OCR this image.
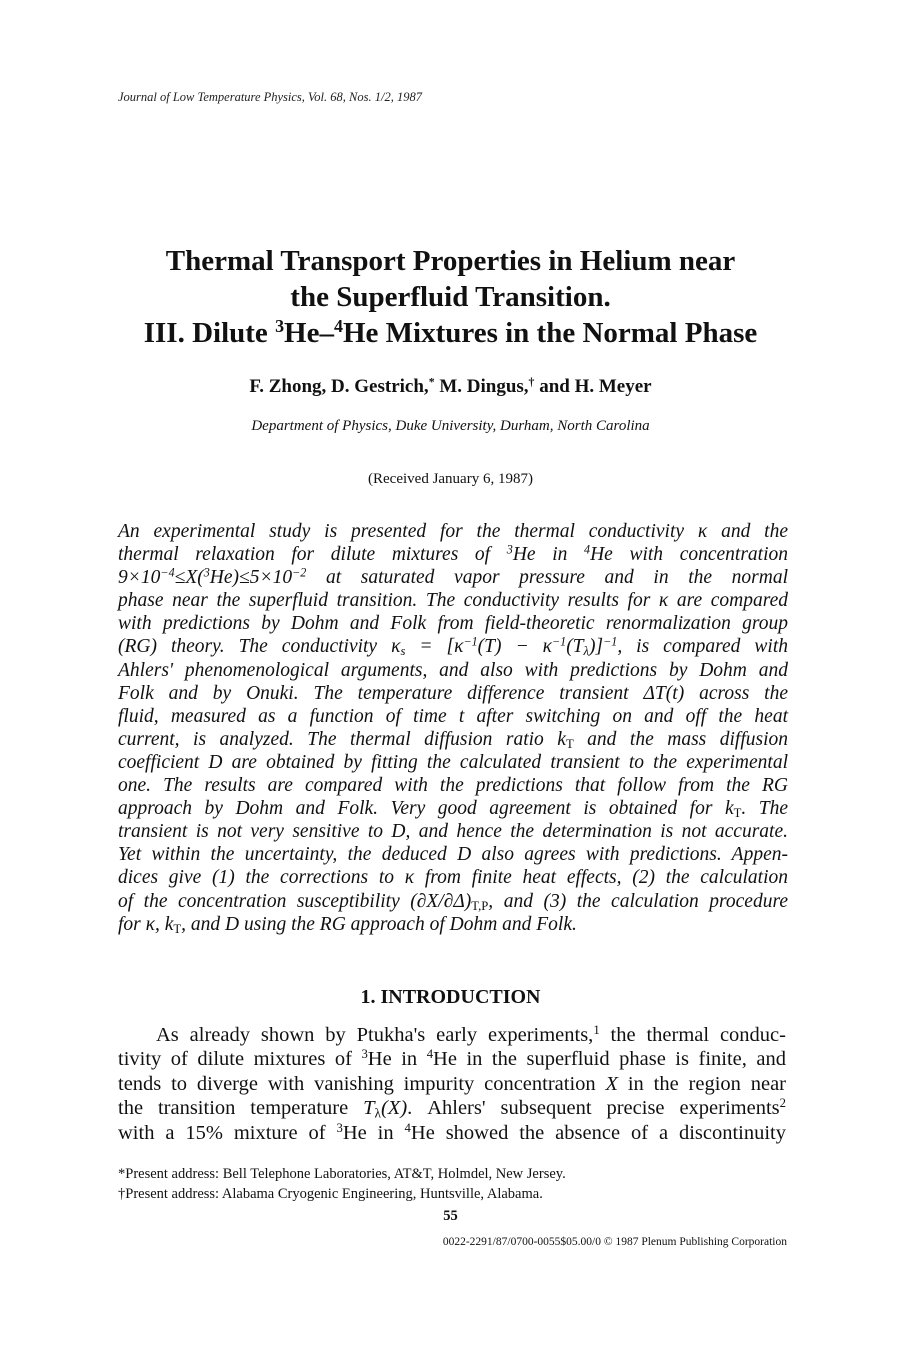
Journal of Low Temperature Physics, Vol. 68, Nos. 1/2, 1987
Thermal Transport Properties in Helium near
the Superfluid Transition.
III. Dilute $^3$He–$^4$He Mixtures in the Normal Phase
F. Zhong, D. Gestrich,* M. Dingus,† and H. Meyer
Department of Physics, Duke University, Durham, North Carolina
(Received January 6, 1987)
An experimental study is presented for the thermal conductivity κ and the
thermal relaxation for dilute mixtures of $^3$He in $^4$He with concentration
$9\times 10^{-4}\le X(^3He)\le 5\times 10^{-2}$ at saturated vapor pressure and in the normal
phase near the superfluid transition. The conductivity results for κ are compared
with predictions by Dohm and Folk from field-theoretic renormalization group
(RG) theory. The conductivity $\kappa_s = [\kappa^{-1}(T) - \kappa^{-1}(T_\lambda)]^{-1}$, is compared with
Ahlers' phenomenological arguments, and also with predictions by Dohm and
Folk and by Onuki. The temperature difference transient ΔT(t) across the
fluid, measured as a function of time t after switching on and off the heat
current, is analyzed. The thermal diffusion ratio $k_T$ and the mass diffusion
coefficient D are obtained by fitting the calculated transient to the experimental
one. The results are compared with the predictions that follow from the RG
approach by Dohm and Folk. Very good agreement is obtained for $k_T$. The
transient is not very sensitive to D, and hence the determination is not accurate.
Yet within the uncertainty, the deduced D also agrees with predictions. Appen-
dices give (1) the corrections to κ from finite heat effects, (2) the calculation
of the concentration susceptibility $(\partial X/\partial\Delta)_{T,P}$, and (3) the calculation procedure
for κ, $k_T$, and D using the RG approach of Dohm and Folk.
1. INTRODUCTION
As already shown by Ptukha's early experiments,$^1$ the thermal conduc-
tivity of dilute mixtures of $^3$He in $^4$He in the superfluid phase is finite, and
tends to diverge with vanishing impurity concentration X in the region near
the transition temperature $T_\lambda(X)$. Ahlers' subsequent precise experiments$^2$
with a 15% mixture of $^3$He in $^4$He showed the absence of a discontinuity
*Present address: Bell Telephone Laboratories, AT&T, Holmdel, New Jersey.
†Present address: Alabama Cryogenic Engineering, Huntsville, Alabama.
55
0022-2291/87/0700-0055$05.00/0 © 1987 Plenum Publishing Corporation
